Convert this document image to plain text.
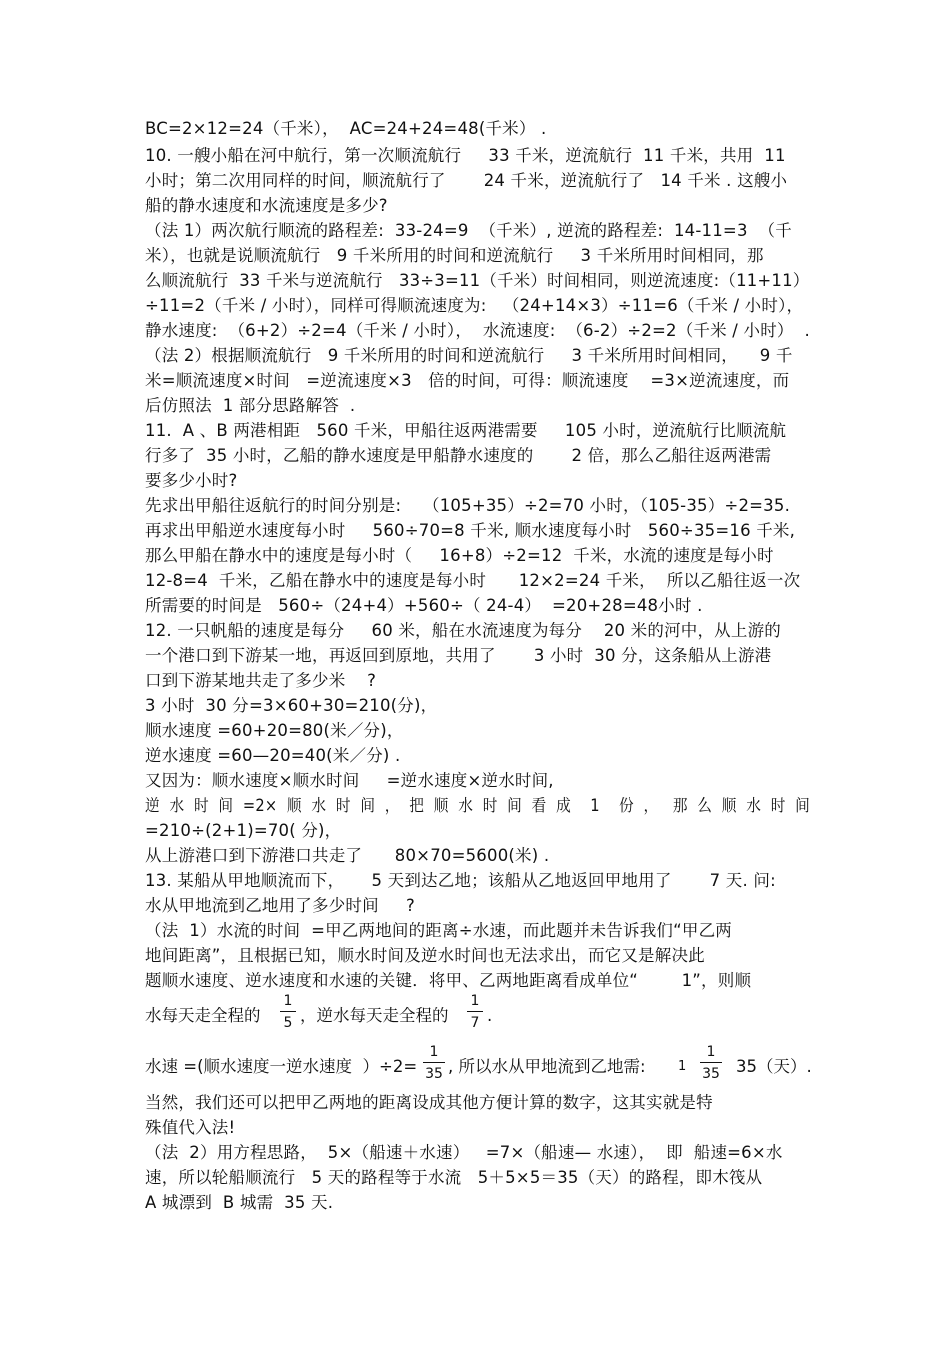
BC=2×12=24（千米），  AC=24+24=48(千米） .
10. 一艘小船在河中航行，第一次顺流航行     33 千米，逆流航行  11 千米，共用  11
小时；第二次用同样的时间，顺流航行了       24 千米，逆流航行了   14 千米 . 这艘小
船的静水速度和水流速度是多少?
（法 1）两次航行顺流的路程差:  33-24=9  （千米）, 逆流的路程差:  14-11=3  （千
米），也就是说顺流航行   9 千米所用的时间和逆流航行     3 千米所用时间相同，那
么顺流航行  33 千米与逆流航行   33÷3=11（千米）时间相同，则逆流速度:（11+11）
÷11=2（千米 / 小时），同样可得顺流速度为:   （24+14×3）÷11=6（千米 / 小时），
静水速度:  （6+2）÷2=4（千米 / 小时），  水流速度:  （6-2）÷2=2（千米 / 小时）  .
（法 2）根据顺流航行   9 千米所用的时间和逆流航行     3 千米所用时间相同，    9 千
米=顺流速度×时间   =逆流速度×3   倍的时间，可得：顺流速度    =3×逆流速度，而
后仿照法  1 部分思路解答  .
11.  A 、B 两港相距   560 千米，甲船往返两港需要     105 小时，逆流航行比顺流航
行多了  35 小时，乙船的静水速度是甲船静水速度的       2 倍，那么乙船往返两港需
要多少小时?
先求出甲船往返航行的时间分别是:    （105+35）÷2=70 小时，（105-35）÷2=35.
再求出甲船逆水速度每小时     560÷70=8 千米, 顺水速度每小时   560÷35=16 千米,
那么甲船在静水中的速度是每小时（     16+8）÷2=12  千米，水流的速度是每小时
12-8=4  千米，乙船在静水中的速度是每小时      12×2=24 千米，  所以乙船往返一次
所需要的时间是   560÷（24+4）+560÷（ 24-4）  =20+28=48小时 .
12. 一只帆船的速度是每分     60 米，船在水流速度为每分    20 米的河中，从上游的
一个港口到下游某一地，再返回到原地，共用了       3 小时  30 分，这条船从上游港
口到下游某地共走了多少米    ?
3 小时  30 分=3×60+30=210(分)，
顺水速度 =60+20=80(米／分)，
逆水速度 =60—20=40(米／分) .
又因为：顺水速度×顺水时间     =逆水速度×逆水时间,
逆  水  时  间  =2×  顺  水  时  间  ，  把  顺  水  时  间  看  成    1    份  ，   那  么  顺  水  时  间
=210÷(2+1)=70( 分)，
从上游港口到下游港口共走了      80×70=5600(米) .
13. 某船从甲地顺流而下，     5 天到达乙地；该船从乙地返回甲地用了       7 天. 问:
水从甲地流到乙地用了多少时间     ?
（法  1）水流的时间  =甲乙两地间的距离÷水速，而此题并未告诉我们“甲乙两
地间距离”，且根据已知，顺水时间及逆水时间也无法求出，而它又是解决此
题顺水速度、逆水速度和水速的关键．将甲、乙两地距离看成单位“        1”，则顺
水每天走全程的
1
5 ，逆水每天走全程的
1
7 .
水速 =(顺水速度一逆水速度  ）÷2=
1
35 , 所以水从甲地流到乙地需: 1
1
35 35（天）.
当然，我们还可以把甲乙两地的距离设成其他方便计算的数字，这其实就是特
殊值代入法!
（法  2）用方程思路，  5×（船速＋水速）   =7×（船速— 水速），  即  船速=6×水
速，所以轮船顺流行   5 天的路程等于水流   5＋5×5＝35（天）的路程，即木筏从
A 城漂到  B 城需  35 天.
